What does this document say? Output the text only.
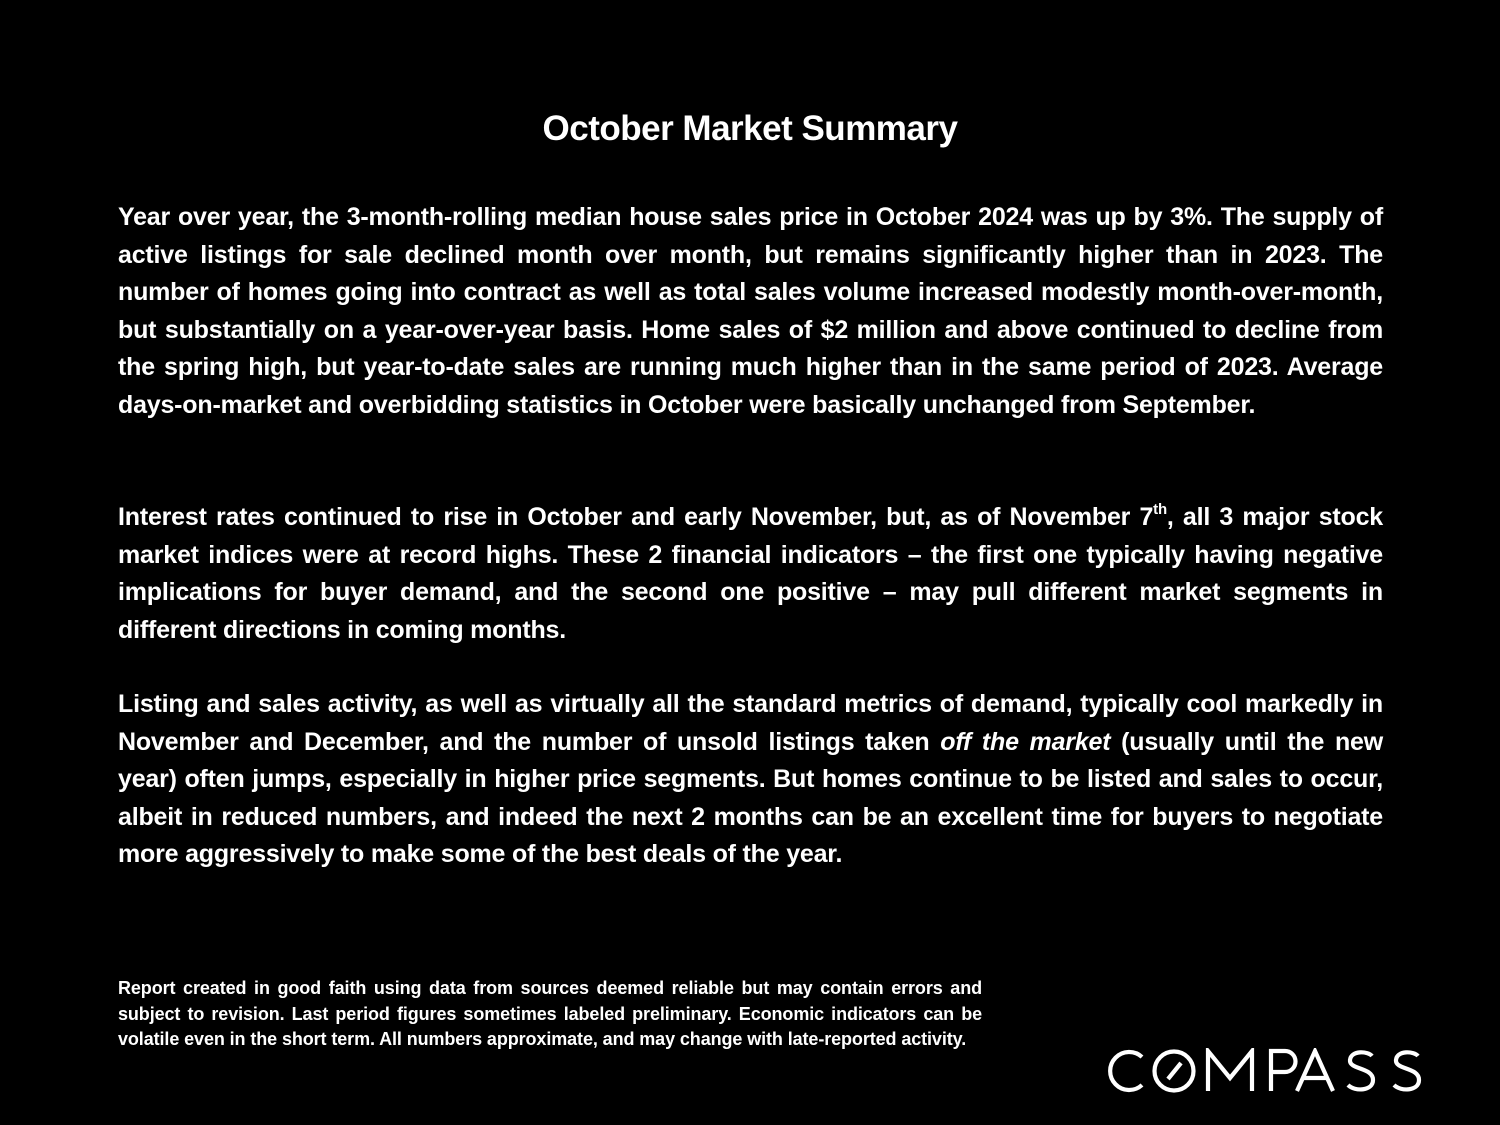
October Market Summary

Year over year, the 3-month-rolling median house sales price in October 2024 was up by 3%. The supply of active listings for sale declined month over month, but remains significantly higher than in 2023. The number of homes going into contract as well as total sales volume increased modestly month-over-month, but substantially on a year-over-year basis. Home sales of $2 million and above continued to decline from the spring high, but year-to-date sales are running much higher than in the same period of 2023. Average days-on-market and overbidding statistics in October were basically unchanged from September.

Interest rates continued to rise in October and early November, but, as of November 7th, all 3 major stock market indices were at record highs. These 2 financial indicators – the first one typically having negative implications for buyer demand, and the second one positive – may pull different market segments in different directions in coming months.

Listing and sales activity, as well as virtually all the standard metrics of demand, typically cool markedly in November and December, and the number of unsold listings taken off the market (usually until the new year) often jumps, especially in higher price segments. But homes continue to be listed and sales to occur, albeit in reduced numbers, and indeed the next 2 months can be an excellent time for buyers to negotiate more aggressively to make some of the best deals of the year.

Report created in good faith using data from sources deemed reliable but may contain errors and subject to revision. Last period figures sometimes labeled preliminary. Economic indicators can be volatile even in the short term. All numbers approximate, and may change with late-reported activity.
